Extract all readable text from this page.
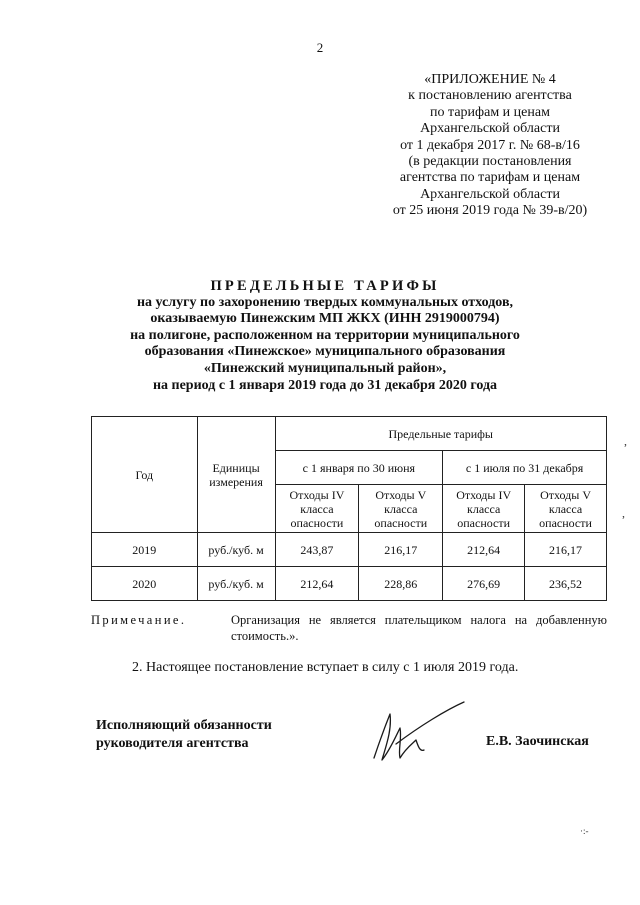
2
«ПРИЛОЖЕНИЕ № 4
к постановлению агентства
по тарифам и ценам
Архангельской области
от 1 декабря 2017 г. № 68-в/16
(в редакции постановления
агентства по тарифам и ценам
Архангельской области
от 25 июня 2019 года № 39-в/20)
ПРЕДЕЛЬНЫЕ ТАРИФЫ
на услугу по захоронению твердых коммунальных отходов,
оказываемую Пинежским МП ЖКХ (ИНН 2919000794)
на полигоне, расположенном на территории муниципального
образования «Пинежское» муниципального образования
«Пинежский муниципальный район»,
на период с 1 января 2019 года до 31 декабря 2020 года
Год	Единицы измерения	Предельные тарифы			
		с 1 января по 30 июня		с 1 июля по 31 декабря	
		Отходы IV класса опасности	Отходы V класса опасности	Отходы IV класса опасности	Отходы V класса опасности
2019	руб./куб. м	243,87	216,17	212,64	216,17
2020	руб./куб. м	212,64	228,86	276,69	236,52
Примечание.	Организация не является плательщиком налога на добавленную стоимость.».
2. Настоящее постановление вступает в силу с 1 июля 2019 года.
Исполняющий обязанности
руководителя агентства	Е.В. Заочинская
,
,
·:-
